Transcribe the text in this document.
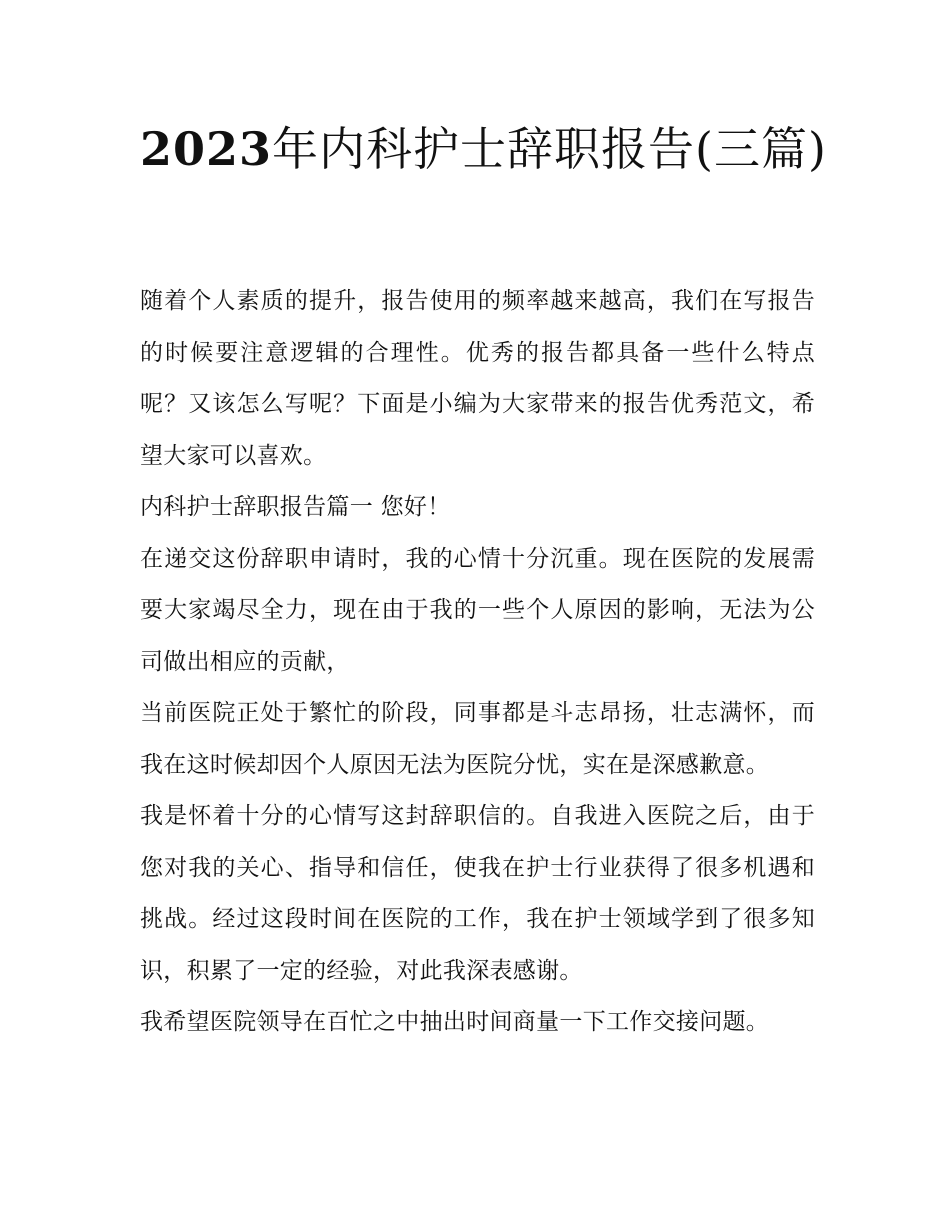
2023年内科护士辞职报告(三篇)

随着个人素质的提升，报告使用的频率越来越高，我们在写报告的时候要注意逻辑的合理性。优秀的报告都具备一些什么特点呢？又该怎么写呢？下面是小编为大家带来的报告优秀范文，希望大家可以喜欢。

内科护士辞职报告篇一 您好！

在递交这份辞职申请时，我的心情十分沉重。现在医院的发展需要大家竭尽全力，现在由于我的一些个人原因的影响，无法为公司做出相应的贡献，

当前医院正处于繁忙的阶段，同事都是斗志昂扬，壮志满怀，而我在这时候却因个人原因无法为医院分忧，实在是深感歉意。

我是怀着十分的心情写这封辞职信的。自我进入医院之后，由于您对我的关心、指导和信任，使我在护士行业获得了很多机遇和挑战。经过这段时间在医院的工作，我在护士领域学到了很多知识，积累了一定的经验，对此我深表感谢。

我希望医院领导在百忙之中抽出时间商量一下工作交接问题。
